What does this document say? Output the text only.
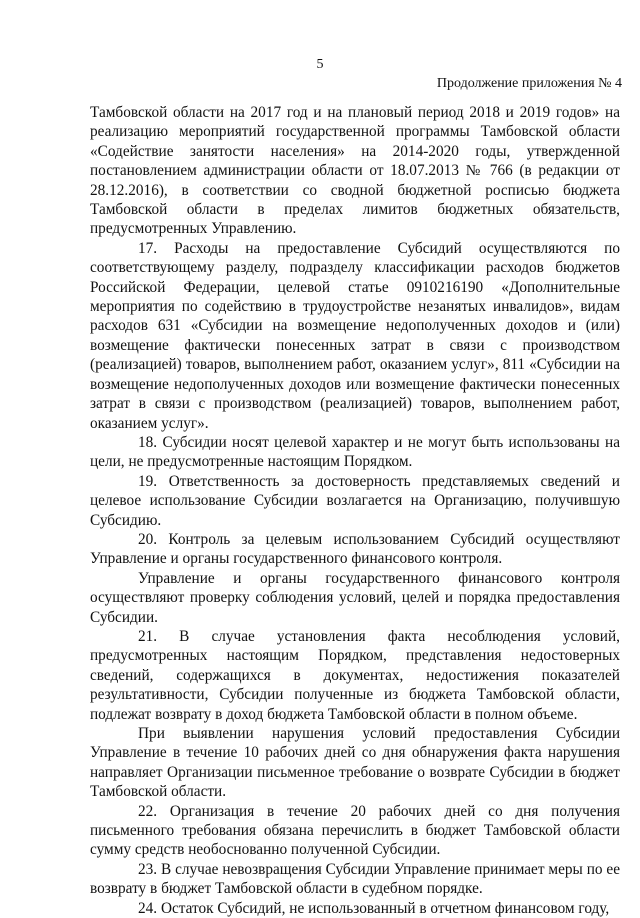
5
Продолжение приложения № 4

Тамбовской области на 2017 год и на плановый период 2018 и 2019 годов» на реализацию мероприятий государственной программы Тамбовской области «Содействие занятости населения» на 2014-2020 годы, утвержденной постановлением администрации области от 18.07.2013 № 766 (в редакции от 28.12.2016), в соответствии со сводной бюджетной росписью бюджета Тамбовской области в пределах лимитов бюджетных обязательств, предусмотренных Управлению.

17. Расходы на предоставление Субсидий осуществляются по соответствующему разделу, подразделу классификации расходов бюджетов Российской Федерации, целевой статье 0910216190 «Дополнительные мероприятия по содействию в трудоустройстве незанятых инвалидов», видам расходов 631 «Субсидии на возмещение недополученных доходов и (или) возмещение фактически понесенных затрат в связи с производством (реализацией) товаров, выполнением работ, оказанием услуг», 811 «Субсидии на возмещение недополученных доходов или возмещение фактически понесенных затрат в связи с производством (реализацией) товаров, выполнением работ, оказанием услуг».

18. Субсидии носят целевой характер и не могут быть использованы на цели, не предусмотренные настоящим Порядком.

19. Ответственность за достоверность представляемых сведений и целевое использование Субсидии возлагается на Организацию, получившую Субсидию.

20. Контроль за целевым использованием Субсидий осуществляют Управление и органы государственного финансового контроля.

Управление и органы государственного финансового контроля осуществляют проверку соблюдения условий, целей и порядка предоставления Субсидии.

21. В случае установления факта несоблюдения условий, предусмотренных настоящим Порядком, представления недостоверных сведений, содержащихся в документах, недостижения показателей результативности, Субсидии полученные из бюджета Тамбовской области, подлежат возврату в доход бюджета Тамбовской области в полном объеме.

При выявлении нарушения условий предоставления Субсидии Управление в течение 10 рабочих дней со дня обнаружения факта нарушения направляет Организации письменное требование о возврате Субсидии в бюджет Тамбовской области.

22. Организация в течение 20 рабочих дней со дня получения письменного требования обязана перечислить в бюджет Тамбовской области сумму средств необоснованно полученной Субсидии.

23. В случае невозвращения Субсидии Управление принимает меры по ее возврату в бюджет Тамбовской области в судебном порядке.

24. Остаток Субсидий, не использованный в отчетном финансовом году,
